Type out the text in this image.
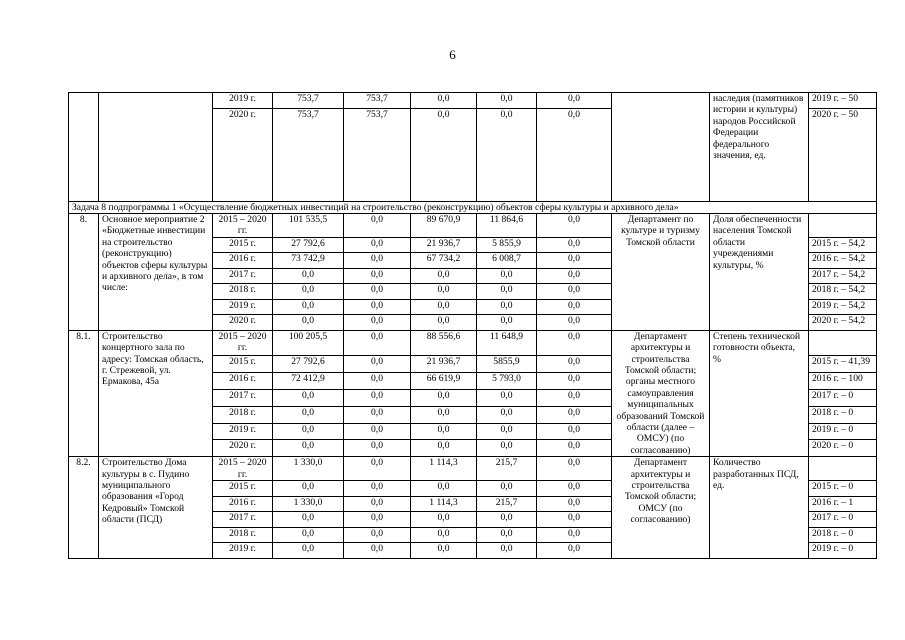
6
		2019 г.	753,7	753,7	0,0	0,0	0,0		наследия (памятников истории и культуры) народов Российской Федерации федерального значения, ед.	2019 г. – 50
		2020 г.	753,7	753,7	0,0	0,0	0,0			2020 г. – 50
Задача 8 подпрограммы 1 «Осуществление бюджетных инвестиций на строительство (реконструкцию) объектов сферы культуры и архивного дела»										
8.	Основное мероприятие 2 «Бюджетные инвестиции на строительство (реконструкцию) объектов сферы культуры и архивного дела», в том числе:	2015 – 2020 гг.	101 535,5	0,0	89 670,9	11 864,6	0,0	Департамент по культуре и туризму Томской области	Доля обеспеченности населения Томской области учреждениями культуры, %	
		2015 г.	27 792,6	0,0	21 936,7	5 855,9	0,0			2015 г. – 54,2
		2016 г.	73 742,9	0,0	67 734,2	6 008,7	0,0			2016 г. – 54,2
		2017 г.	0,0	0,0	0,0	0,0	0,0			2017 г. – 54,2
		2018 г.	0,0	0,0	0,0	0,0	0,0			2018 г. – 54,2
		2019 г.	0,0	0,0	0,0	0,0	0,0			2019 г. – 54,2
		2020 г.	0,0	0,0	0,0	0,0	0,0			2020 г. – 54,2
8.1.	Строительство концертного зала по адресу: Томская область, г. Стрежевой, ул. Ермакова, 45а	2015 – 2020 гг.	100 205,5	0,0	88 556,6	11 648,9	0,0	Департамент архитектуры и строительства Томской области; органы местного самоуправления муниципальных образований Томской области (далее – ОМСУ) (по согласованию)	Степень технической готовности объекта, %	
		2015 г.	27 792,6	0,0	21 936,7	5855,9	0,0			2015 г. – 41,39
		2016 г.	72 412,9	0,0	66 619,9	5 793,0	0,0			2016 г. – 100
		2017 г.	0,0	0,0	0,0	0,0	0,0			2017 г. – 0
		2018 г.	0,0	0,0	0,0	0,0	0,0			2018 г. – 0
		2019 г.	0,0	0,0	0,0	0,0	0,0			2019 г. – 0
		2020 г.	0,0	0,0	0,0	0,0	0,0			2020 г. – 0
8.2.	Строительство Дома культуры в с. Пудино муниципального образования «Город Кедровый» Томской области (ПСД)	2015 – 2020 гг.	1 330,0	0,0	1 114,3	215,7	0,0	Департамент архитектуры и строительства Томской области; ОМСУ (по согласованию)	Количество разработанных ПСД, ед.	
		2015 г.	0,0	0,0	0,0	0,0	0,0			2015 г. – 0
		2016 г.	1 330,0	0,0	1 114,3	215,7	0,0			2016 г. – 1
		2017 г.	0,0	0,0	0,0	0,0	0,0			2017 г. – 0
		2018 г.	0,0	0,0	0,0	0,0	0,0			2018 г. – 0
		2019 г.	0,0	0,0	0,0	0,0	0,0			2019 г. – 0
